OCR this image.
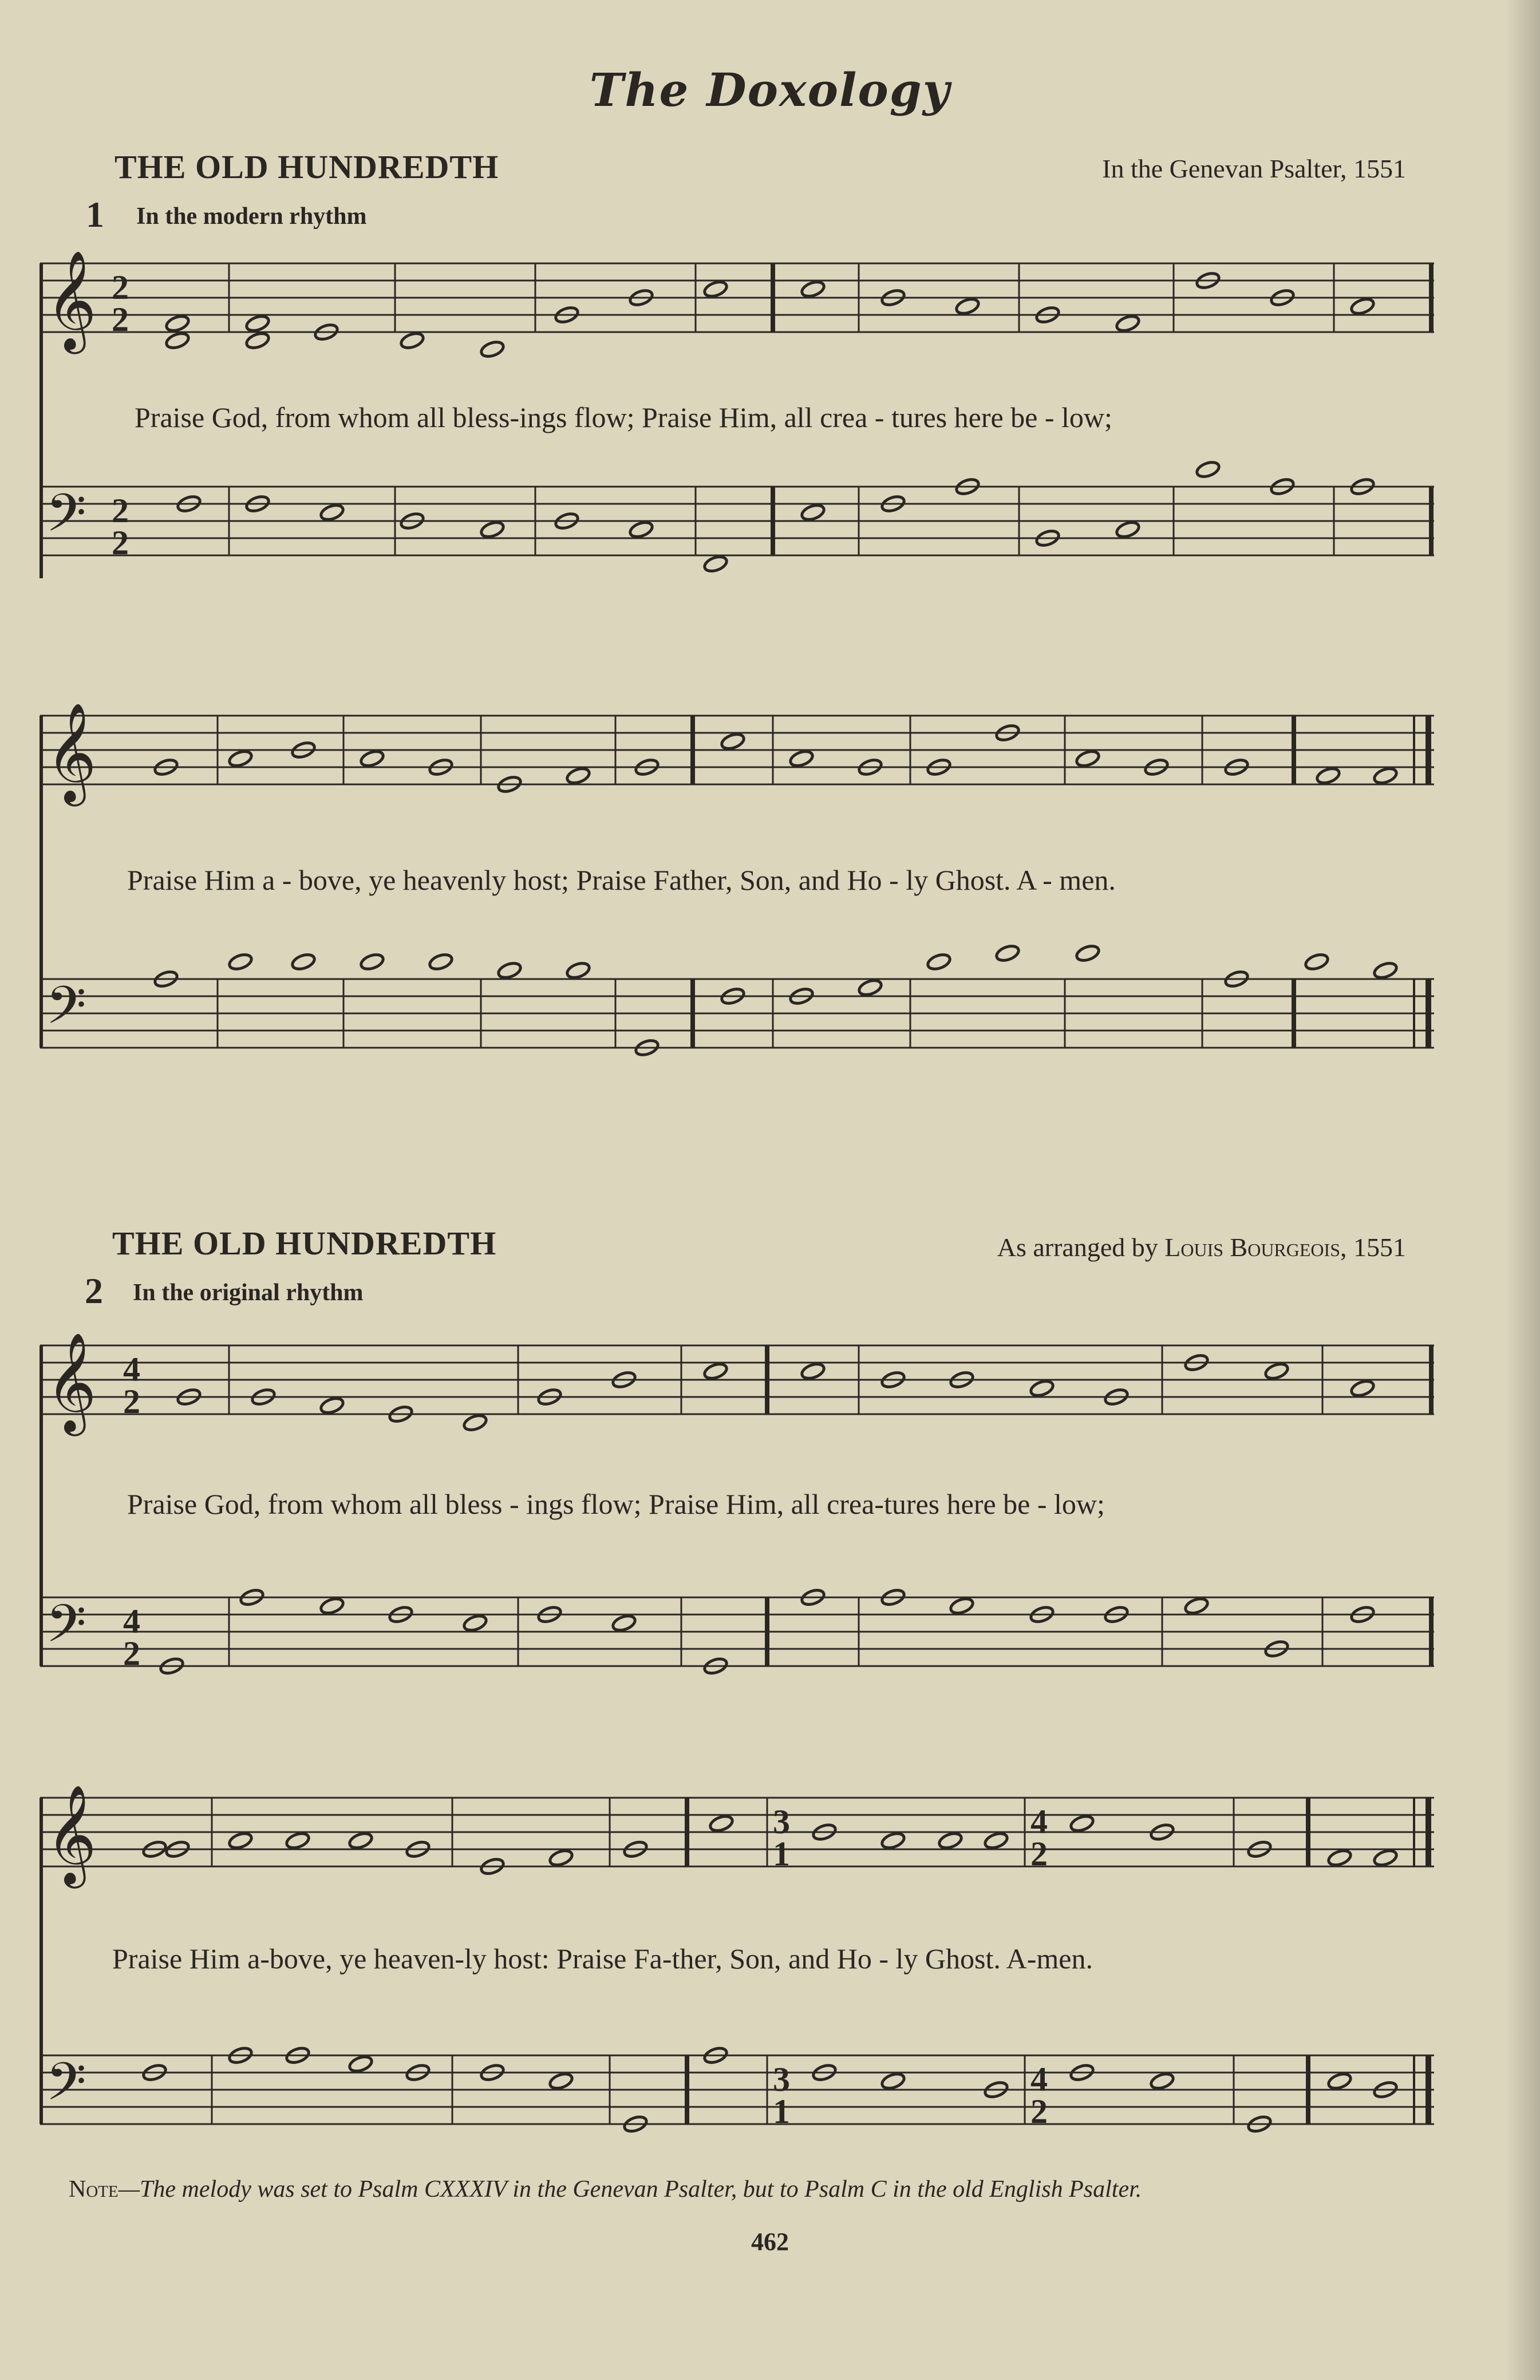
The Doxology
THE OLD HUNDREDTH	In the Genevan Psalter, 1551
1 In the modern rhythm
𝄞
𝄢
2
2
2
2
Praise God, from whom all bless-ings flow; Praise Him, all crea - tures here be - low;
𝄞
𝄢
Praise Him a - bove, ye heavenly host; Praise Father, Son, and Ho - ly Ghost. A - men.
THE OLD HUNDREDTH	As arranged by Louis Bourgeois, 1551
2 In the original rhythm
𝄞
𝄢
4
2
4
2
Praise God, from whom all bless - ings flow; Praise Him, all crea-tures here be - low;
𝄞
𝄢
3
1
4
2
3
1
4
2
Praise Him a-bove, ye heaven-ly host: Praise Fa-ther, Son, and Ho - ly Ghost. A-men.
Note—The melody was set to Psalm CXXXIV in the Genevan Psalter, but to Psalm C in the old English Psalter.
462
